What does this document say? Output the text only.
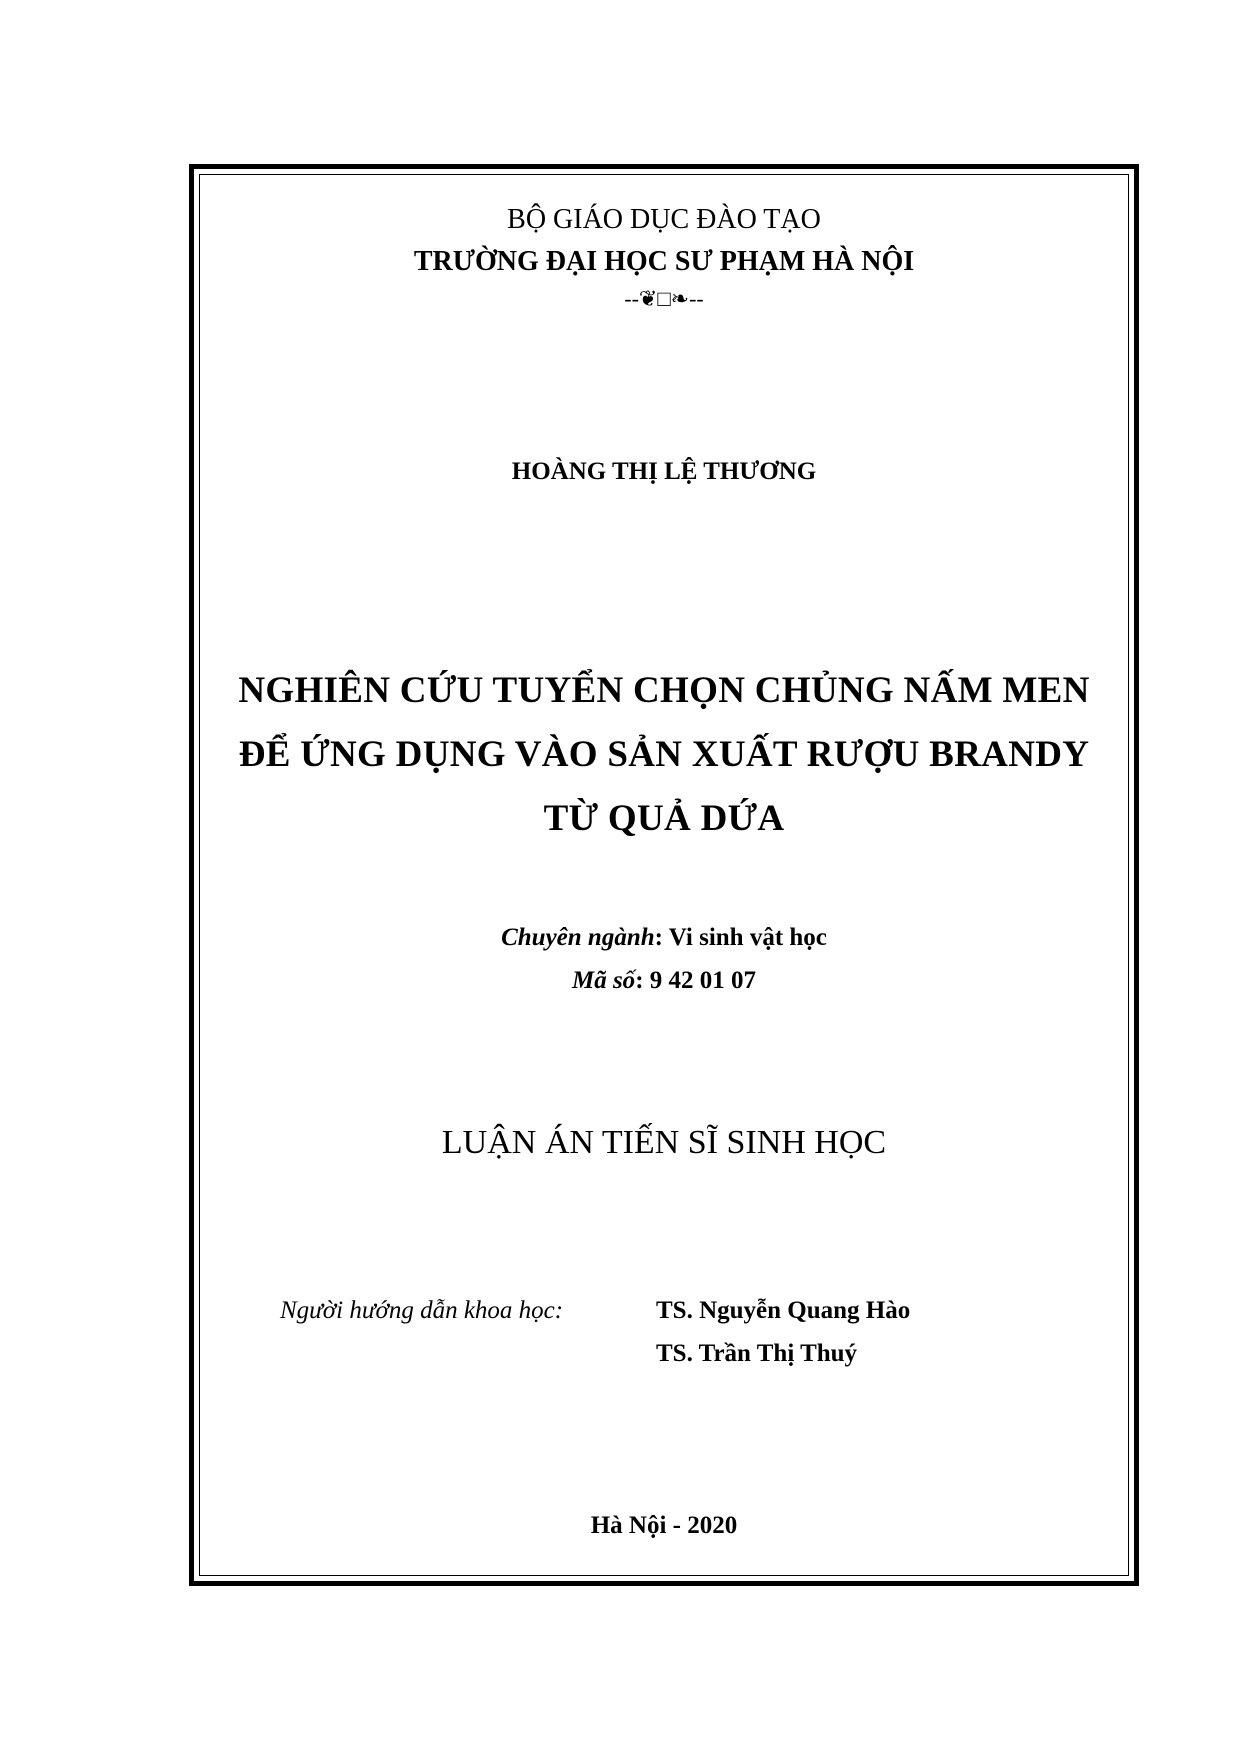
BỘ GIÁO DỤC ĐÀO TẠO
TRƯỜNG ĐẠI HỌC SƯ PHẠM HÀ NỘI
--❦□❧--
HOÀNG THỊ LỆ THƯƠNG
NGHIÊN CỨU TUYỂN CHỌN CHỦNG NẤM MEN
ĐỂ ỨNG DỤNG VÀO SẢN XUẤT RƯỢU BRANDY
TỪ QUẢ DỨA
Chuyên ngành: Vi sinh vật học
Mã số: 9 42 01 07
LUẬN ÁN TIẾN SĨ SINH HỌC
Người hướng dẫn khoa học:	TS. Nguyễn Quang Hào
TS. Trần Thị Thuý
Hà Nội - 2020
